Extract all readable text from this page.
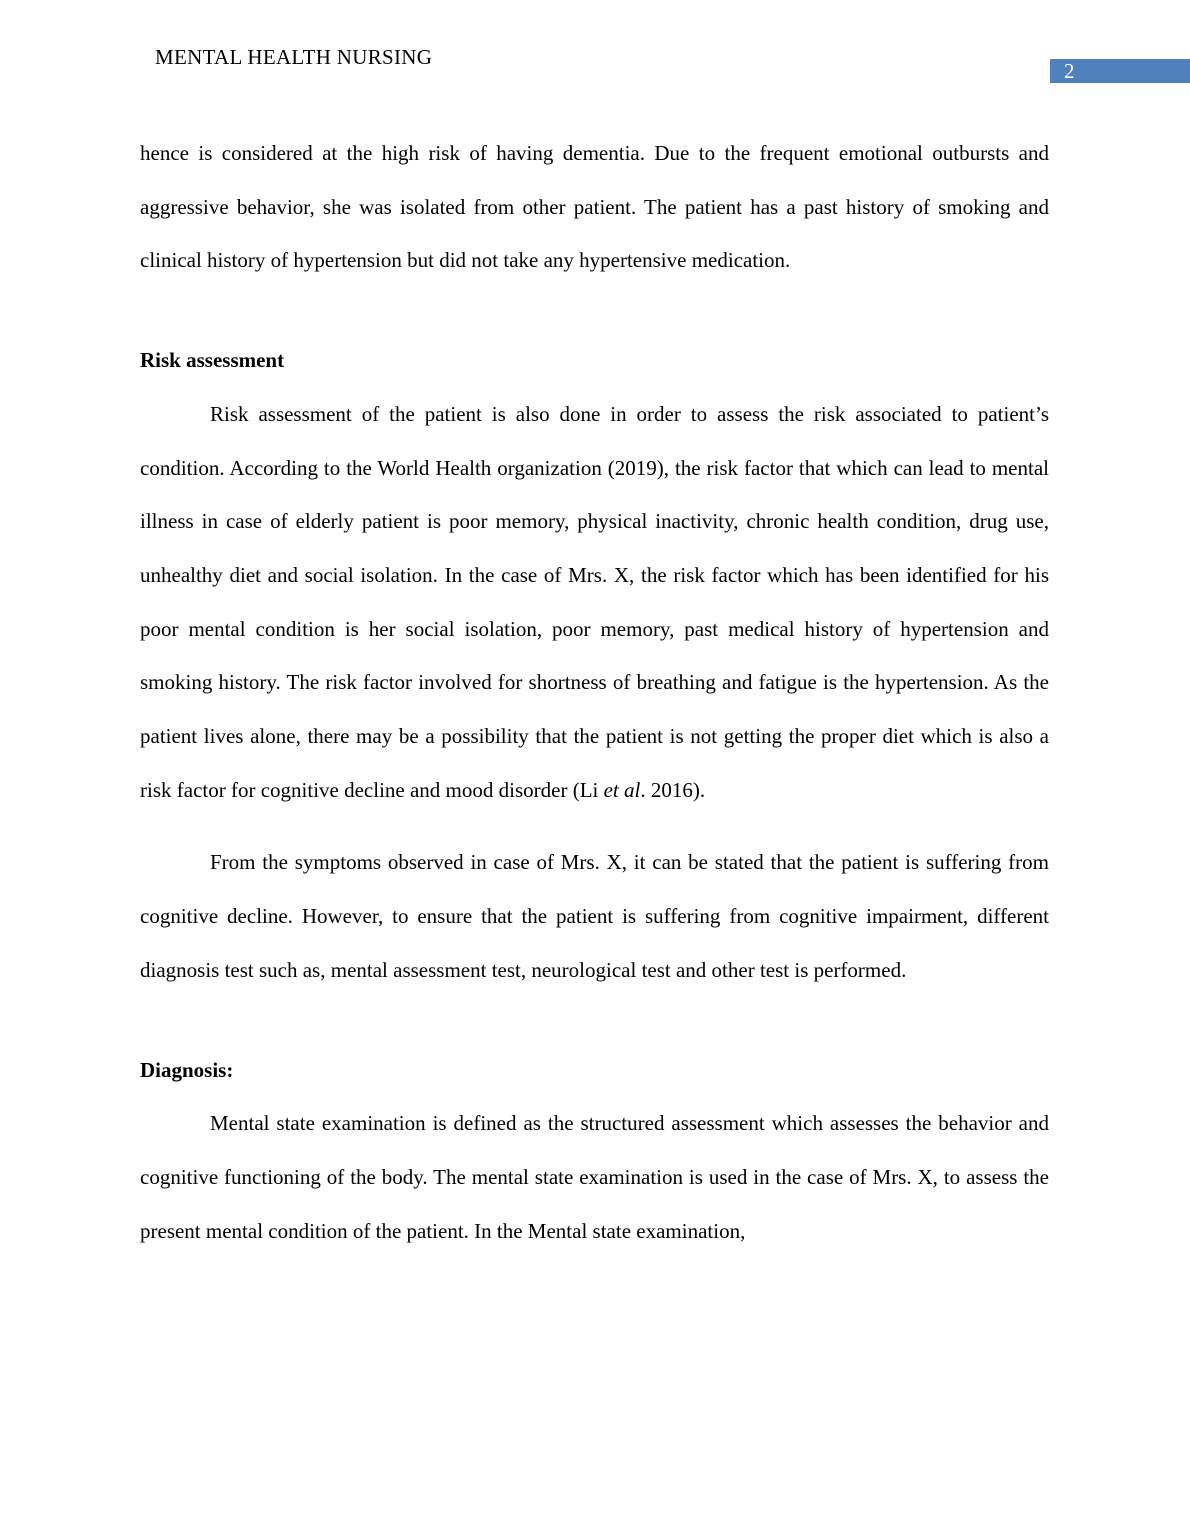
MENTAL HEALTH NURSING
2

hence is considered at the high risk of having dementia. Due to the frequent emotional outbursts and aggressive behavior, she was isolated from other patient. The patient has a past history of smoking and clinical history of hypertension but did not take any hypertensive medication.

Risk assessment

Risk assessment of the patient is also done in order to assess the risk associated to patient’s condition. According to the World Health organization (2019), the risk factor that which can lead to mental illness in case of elderly patient is poor memory, physical inactivity, chronic health condition, drug use, unhealthy diet and social isolation. In the case of Mrs. X, the risk factor which has been identified for his poor mental condition is her social isolation, poor memory, past medical history of hypertension and smoking history. The risk factor involved for shortness of breathing and fatigue is the hypertension. As the patient lives alone, there may be a possibility that the patient is not getting the proper diet which is also a risk factor for cognitive decline and mood disorder (Li et al. 2016).

From the symptoms observed in case of Mrs. X, it can be stated that the patient is suffering from cognitive decline. However, to ensure that the patient is suffering from cognitive impairment, different diagnosis test such as, mental assessment test, neurological test and other test is performed.

Diagnosis:

Mental state examination is defined as the structured assessment which assesses the behavior and cognitive functioning of the body. The mental state examination is used in the case of Mrs. X, to assess the present mental condition of the patient. In the Mental state examination,
